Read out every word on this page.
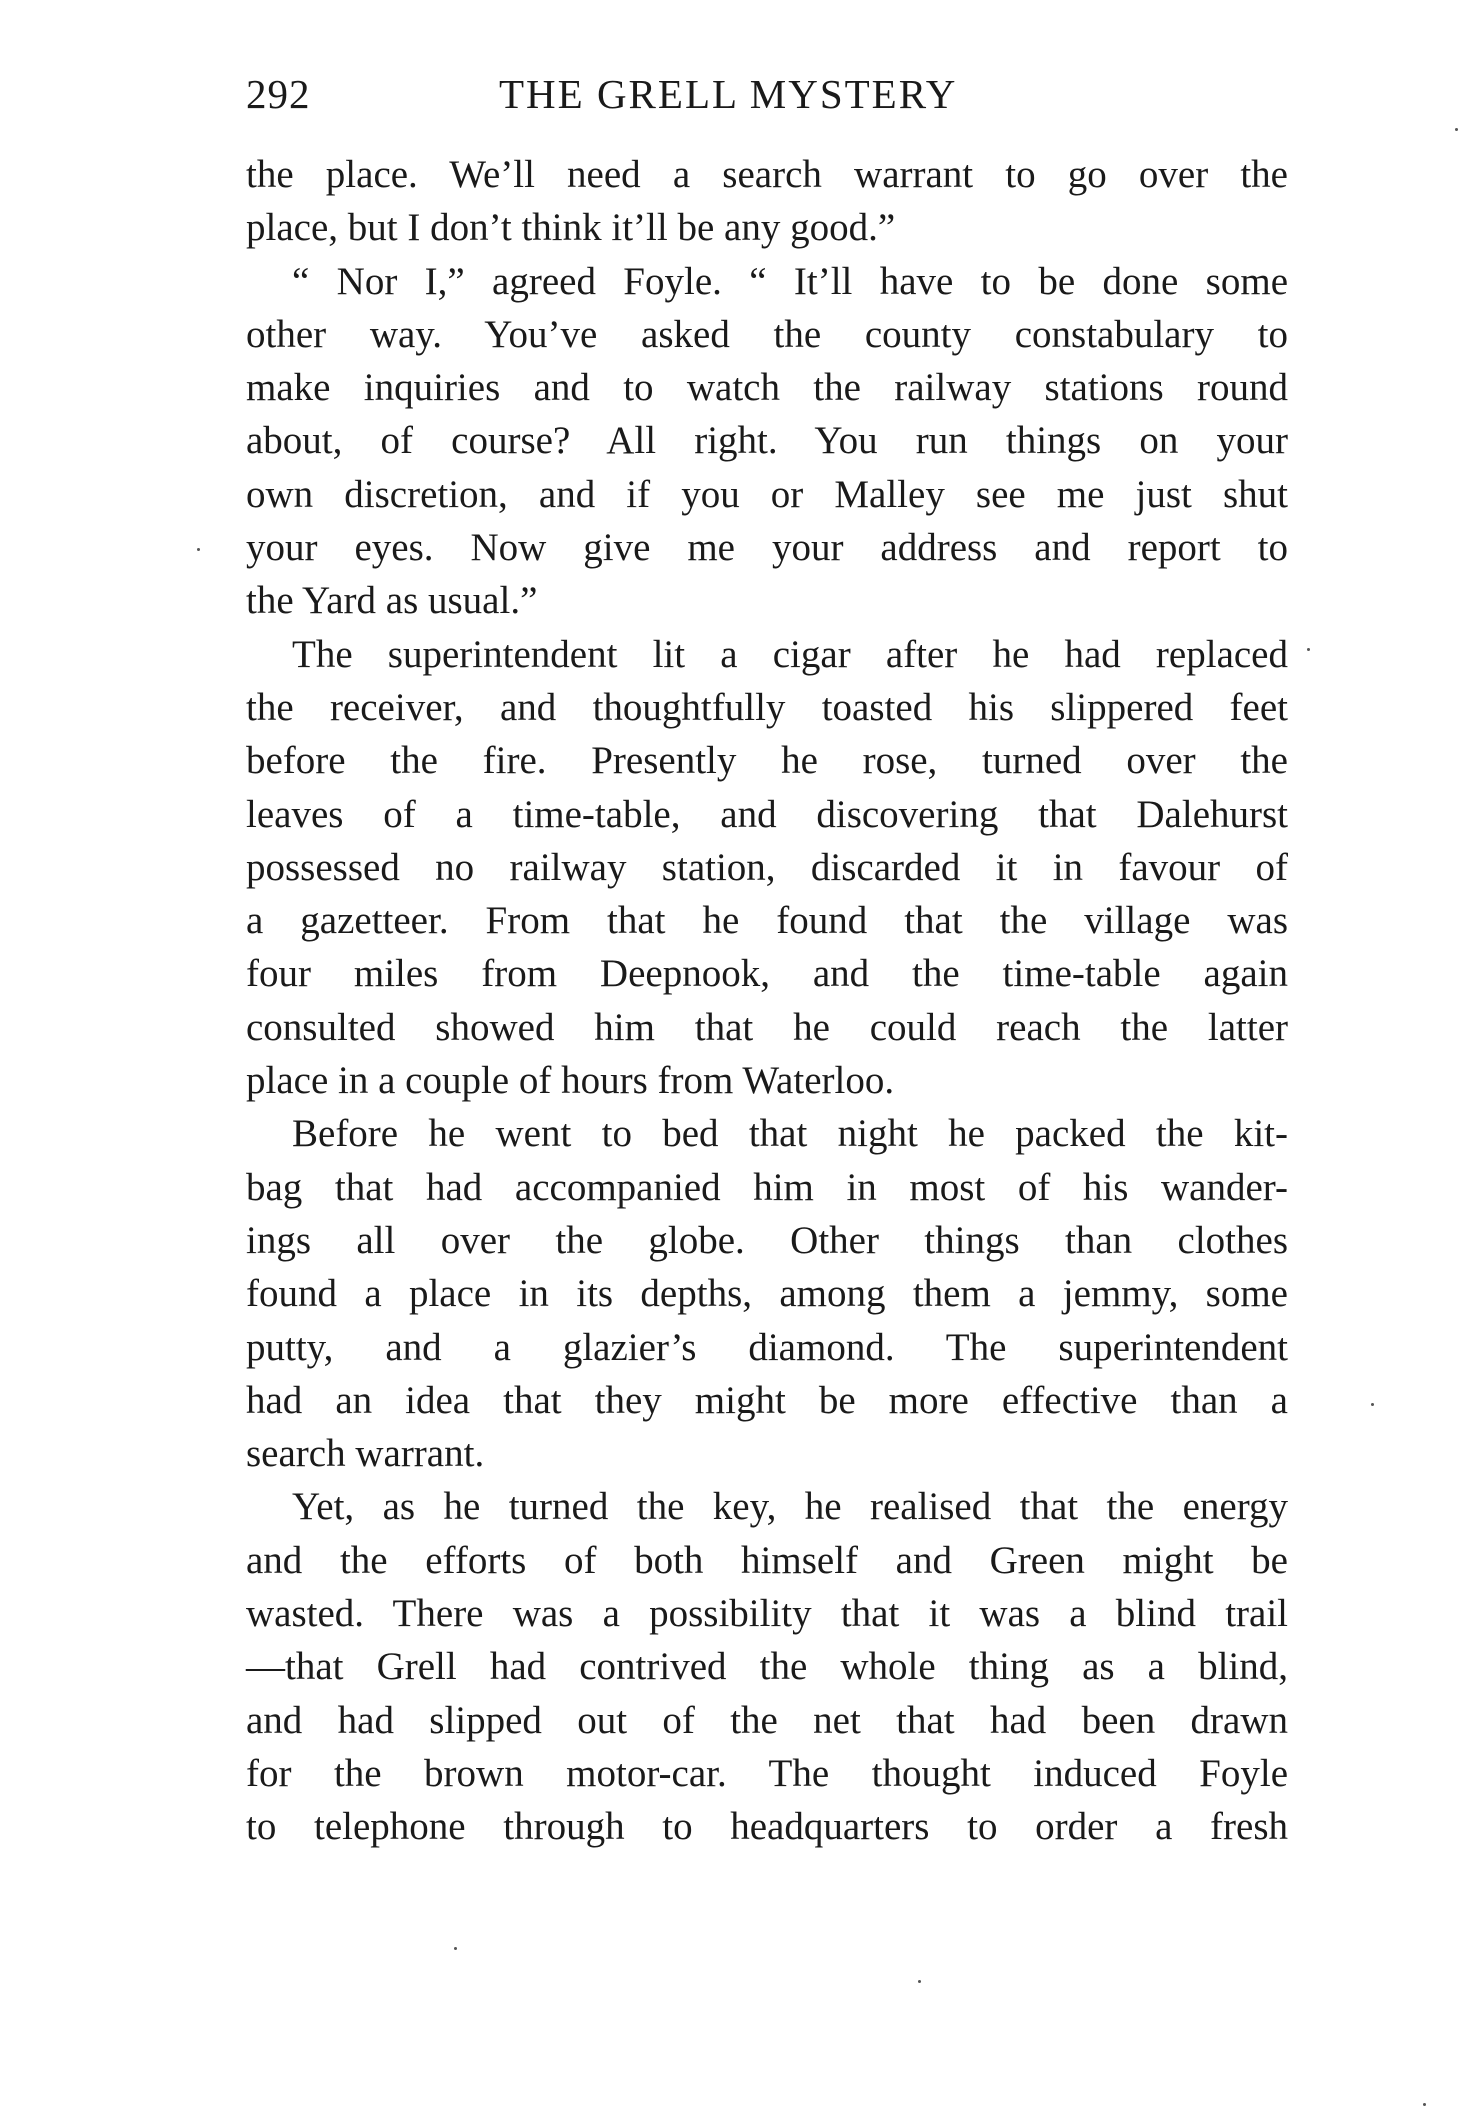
292	THE GRELL MYSTERY

the place. We’ll need a search warrant to go over the

place, but I don’t think it’ll be any good.”

“ Nor I,” agreed Foyle. “ It’ll have to be done some

other way. You’ve asked the county constabulary to

make inquiries and to watch the railway stations round

about, of course? All right. You run things on your

own discretion, and if you or Malley see me just shut

your eyes. Now give me your address and report to

the Yard as usual.”

The superintendent lit a cigar after he had replaced

the receiver, and thoughtfully toasted his slippered feet

before the fire. Presently he rose, turned over the

leaves of a time-table, and discovering that Dalehurst

possessed no railway station, discarded it in favour of

a gazetteer. From that he found that the village was

four miles from Deepnook, and the time-table again

consulted showed him that he could reach the latter

place in a couple of hours from Waterloo.

Before he went to bed that night he packed the kit-

bag that had accompanied him in most of his wander-

ings all over the globe. Other things than clothes

found a place in its depths, among them a jemmy, some

putty, and a glazier’s diamond. The superintendent

had an idea that they might be more effective than a

search warrant.

Yet, as he turned the key, he realised that the energy

and the efforts of both himself and Green might be

wasted. There was a possibility that it was a blind trail

—that Grell had contrived the whole thing as a blind,

and had slipped out of the net that had been drawn

for the brown motor-car. The thought induced Foyle

to telephone through to headquarters to order a fresh
